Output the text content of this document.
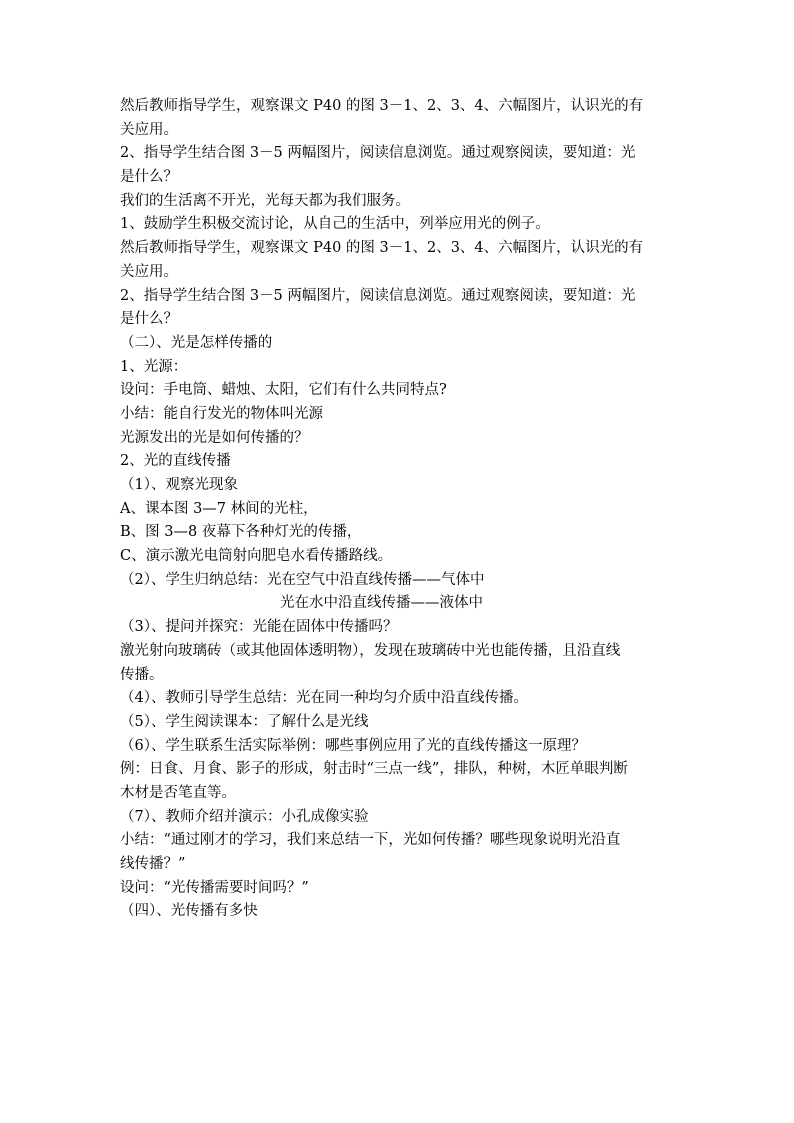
然后教师指导学生，观察课文 P40 的图 3－1、2、3、4、六幅图片，认识光的有
关应用。
2、指导学生结合图 3－5 两幅图片，阅读信息浏览。通过观察阅读，要知道：光
是什么？
我们的生活离不开光，光每天都为我们服务。
1、鼓励学生积极交流讨论，从自己的生活中，列举应用光的例子。
然后教师指导学生，观察课文 P40 的图 3－1、2、3、4、六幅图片，认识光的有
关应用。
2、指导学生结合图 3－5 两幅图片，阅读信息浏览。通过观察阅读，要知道：光
是什么？
（二）、光是怎样传播的
1、光源：
设问：手电筒、蜡烛、太阳，它们有什么共同特点?
小结：能自行发光的物体叫光源
光源发出的光是如何传播的？
2、光的直线传播
（1）、观察光现象
A、课本图 3—7 林间的光柱，
B、图 3—8 夜幕下各种灯光的传播，
C、演示激光电筒射向肥皂水看传播路线。
（2）、学生归纳总结：光在空气中沿直线传播——气体中
光在水中沿直线传播——液体中
（3）、提问并探究：光能在固体中传播吗？
激光射向玻璃砖（或其他固体透明物），发现在玻璃砖中光也能传播，且沿直线
传播。
（4）、教师引导学生总结：光在同一种均匀介质中沿直线传播。
（5）、学生阅读课本：了解什么是光线
（6）、学生联系生活实际举例：哪些事例应用了光的直线传播这一原理？
例：日食、月食、影子的形成，射击时“三点一线”，排队，种树，木匠单眼判断
木材是否笔直等。
（7）、教师介绍并演示：小孔成像实验
小结：“通过刚才的学习，我们来总结一下，光如何传播？哪些现象说明光沿直
线传播？”
设问：“光传播需要时间吗？”
（四）、光传播有多快
